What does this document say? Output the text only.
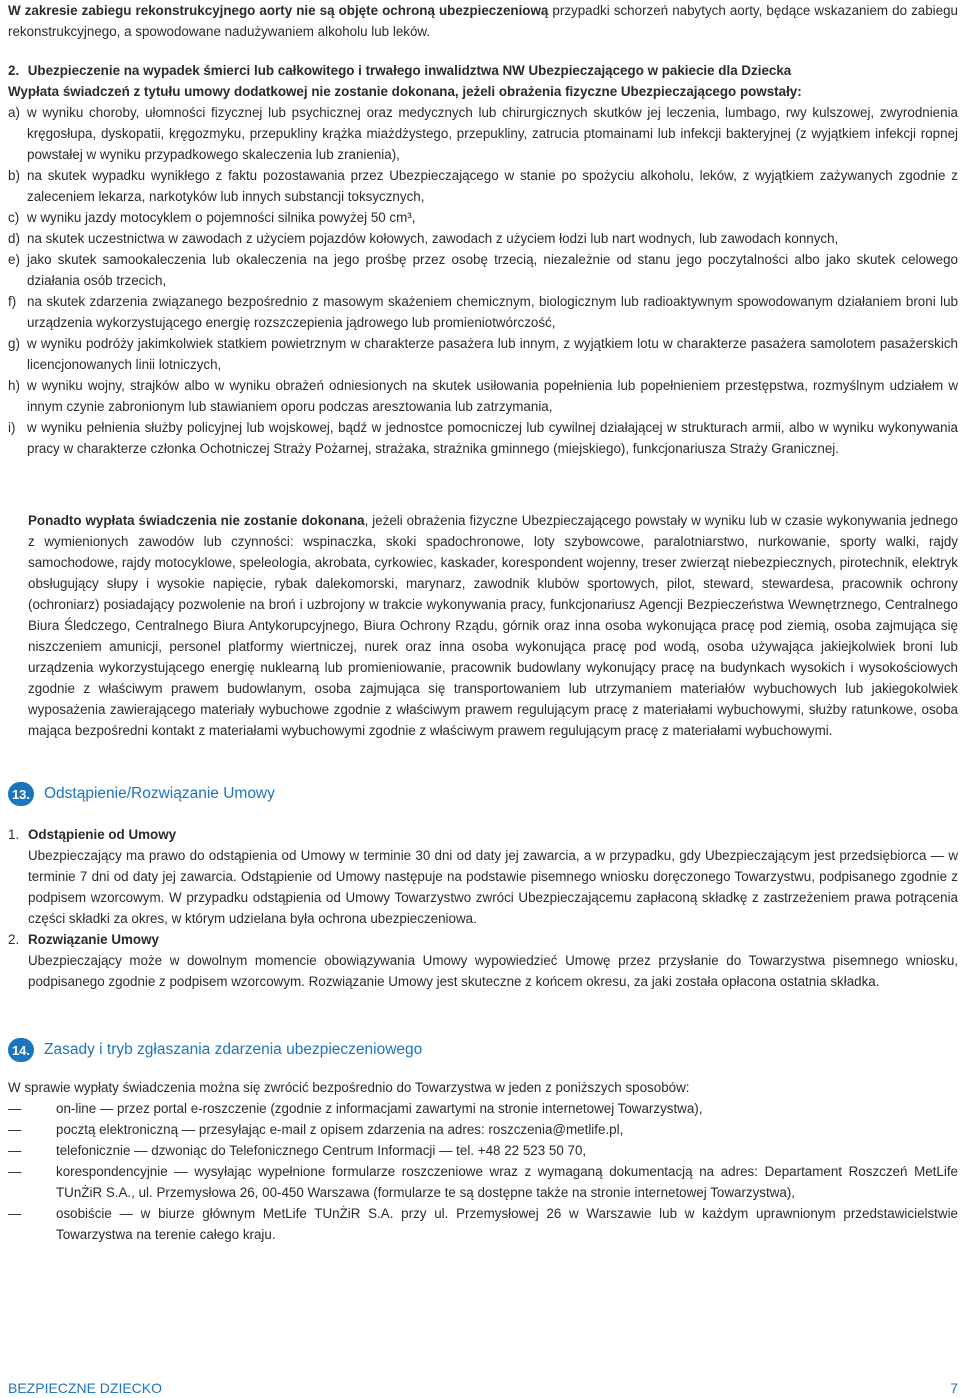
W zakresie zabiegu rekonstrukcyjnego aorty nie są objęte ochroną ubezpieczeniową przypadki schorzeń nabytych aorty, będące wskazaniem do zabiegu rekonstrukcyjnego, a spowodowane nadużywaniem alkoholu lub leków.

2. Ubezpieczenie na wypadek śmierci lub całkowitego i trwałego inwalidztwa NW Ubezpieczającego w pakiecie dla Dziecka

Wypłata świadczeń z tytułu umowy dodatkowej nie zostanie dokonana, jeżeli obrażenia fizyczne Ubezpieczającego powstały:

a) w wyniku choroby, ułomności fizycznej lub psychicznej oraz medycznych lub chirurgicznych skutków jej leczenia, lumbago, rwy kulszowej, zwyrodnienia kręgosłupa, dyskopatii, kręgozmyku, przepukliny krążka miażdżystego, przepukliny, zatrucia ptomainami lub infekcji bakteryjnej (z wyjątkiem infekcji ropnej powstałej w wyniku przypadkowego skaleczenia lub zranienia),
b) na skutek wypadku wynikłego z faktu pozostawania przez Ubezpieczającego w stanie po spożyciu alkoholu, leków, z wyjątkiem zażywanych zgodnie z zaleceniem lekarza, narkotyków lub innych substancji toksycznych,
c) w wyniku jazdy motocyklem o pojemności silnika powyżej 50 cm³,
d) na skutek uczestnictwa w zawodach z użyciem pojazdów kołowych, zawodach z użyciem łodzi lub nart wodnych, lub zawodach konnych,
e) jako skutek samookaleczenia lub okaleczenia na jego prośbę przez osobę trzecią, niezależnie od stanu jego poczytalności albo jako skutek celowego działania osób trzecich,
f) na skutek zdarzenia związanego bezpośrednio z masowym skażeniem chemicznym, biologicznym lub radioaktywnym spowodowanym działaniem broni lub urządzenia wykorzystującego energię rozszczepienia jądrowego lub promieniotwórczość,
g) w wyniku podróży jakimkolwiek statkiem powietrznym w charakterze pasażera lub innym, z wyjątkiem lotu w charakterze pasażera samolotem pasażerskich licencjonowanych linii lotniczych,
h) w wyniku wojny, strajków albo w wyniku obrażeń odniesionych na skutek usiłowania popełnienia lub popełnieniem przestępstwa, rozmyślnym udziałem w innym czynie zabronionym lub stawianiem oporu podczas aresztowania lub zatrzymania,
i) w wyniku pełnienia służby policyjnej lub wojskowej, bądź w jednostce pomocniczej lub cywilnej działającej w strukturach armii, albo w wyniku wykonywania pracy w charakterze członka Ochotniczej Straży Pożarnej, strażaka, strażnika gminnego (miejskiego), funkcjonariusza Straży Granicznej.

Ponadto wypłata świadczenia nie zostanie dokonana, jeżeli obrażenia fizyczne Ubezpieczającego powstały w wyniku lub w czasie wykonywania jednego z wymienionych zawodów lub czynności: wspinaczka, skoki spadochronowe, loty szybowcowe, paralotniarstwo, nurkowanie, sporty walki, rajdy samochodowe, rajdy motocyklowe, speleologia, akrobata, cyrkowiec, kaskader, korespondent wojenny, treser zwierząt niebezpiecznych, pirotechnik, elektryk obsługujący słupy i wysokie napięcie, rybak dalekomorski, marynarz, zawodnik klubów sportowych, pilot, steward, stewardesa, pracownik ochrony (ochroniarz) posiadający pozwolenie na broń i uzbrojony w trakcie wykonywania pracy, funkcjonariusz Agencji Bezpieczeństwa Wewnętrznego, Centralnego Biura Śledczego, Centralnego Biura Antykorupcyjnego, Biura Ochrony Rządu, górnik oraz inna osoba wykonująca pracę pod ziemią, osoba zajmująca się niszczeniem amunicji, personel platformy wiertniczej, nurek oraz inna osoba wykonująca pracę pod wodą, osoba używająca jakiejkolwiek broni lub urządzenia wykorzystującego energię nuklearną lub promieniowanie, pracownik budowlany wykonujący pracę na budynkach wysokich i wysokościowych zgodnie z właściwym prawem budowlanym, osoba zajmująca się transportowaniem lub utrzymaniem materiałów wybuchowych lub jakiegokolwiek wyposażenia zawierającego materiały wybuchowe zgodnie z właściwym prawem regulującym pracę z materiałami wybuchowymi, służby ratunkowe, osoba mająca bezpośredni kontakt z materiałami wybuchowymi zgodnie z właściwym prawem regulującym pracę z materiałami wybuchowymi.

13. Odstąpienie/Rozwiązanie Umowy

1. Odstąpienie od Umowy

Ubezpieczający ma prawo do odstąpienia od Umowy w terminie 30 dni od daty jej zawarcia, a w przypadku, gdy Ubezpieczającym jest przedsiębiorca — w terminie 7 dni od daty jej zawarcia. Odstąpienie od Umowy następuje na podstawie pisemnego wniosku doręczonego Towarzystwu, podpisanego zgodnie z podpisem wzorcowym. W przypadku odstąpienia od Umowy Towarzystwo zwróci Ubezpieczającemu zapłaconą składkę z zastrzeżeniem prawa potrącenia części składki za okres, w którym udzielana była ochrona ubezpieczeniowa.

2. Rozwiązanie Umowy

Ubezpieczający może w dowolnym momencie obowiązywania Umowy wypowiedzieć Umowę przez przysłanie do Towarzystwa pisemnego wniosku, podpisanego zgodnie z podpisem wzorcowym. Rozwiązanie Umowy jest skuteczne z końcem okresu, za jaki została opłacona ostatnia składka.

14. Zasady i tryb zgłaszania zdarzenia ubezpieczeniowego

W sprawie wypłaty świadczenia można się zwrócić bezpośrednio do Towarzystwa w jeden z poniższych sposobów:

—	on-line — przez portal e-roszczenie (zgodnie z informacjami zawartymi na stronie internetowej Towarzystwa),
—	pocztą elektroniczną — przesyłając e-mail z opisem zdarzenia na adres: roszczenia@metlife.pl,
—	telefonicznie — dzwoniąc do Telefonicznego Centrum Informacji — tel. +48 22 523 50 70,
—	korespondencyjnie — wysyłając wypełnione formularze roszczeniowe wraz z wymaganą dokumentacją na adres: Departament Roszczeń MetLife TUnŻiR S.A., ul. Przemysłowa 26, 00-450 Warszawa (formularze te są dostępne także na stronie internetowej Towarzystwa),
—	osobiście — w biurze głównym MetLife TUnŻiR S.A. przy ul. Przemysłowej 26 w Warszawie lub w każdym uprawnionym przedstawicielstwie Towarzystwa na terenie całego kraju.
BEZPIECZNE DZIECKO	7
